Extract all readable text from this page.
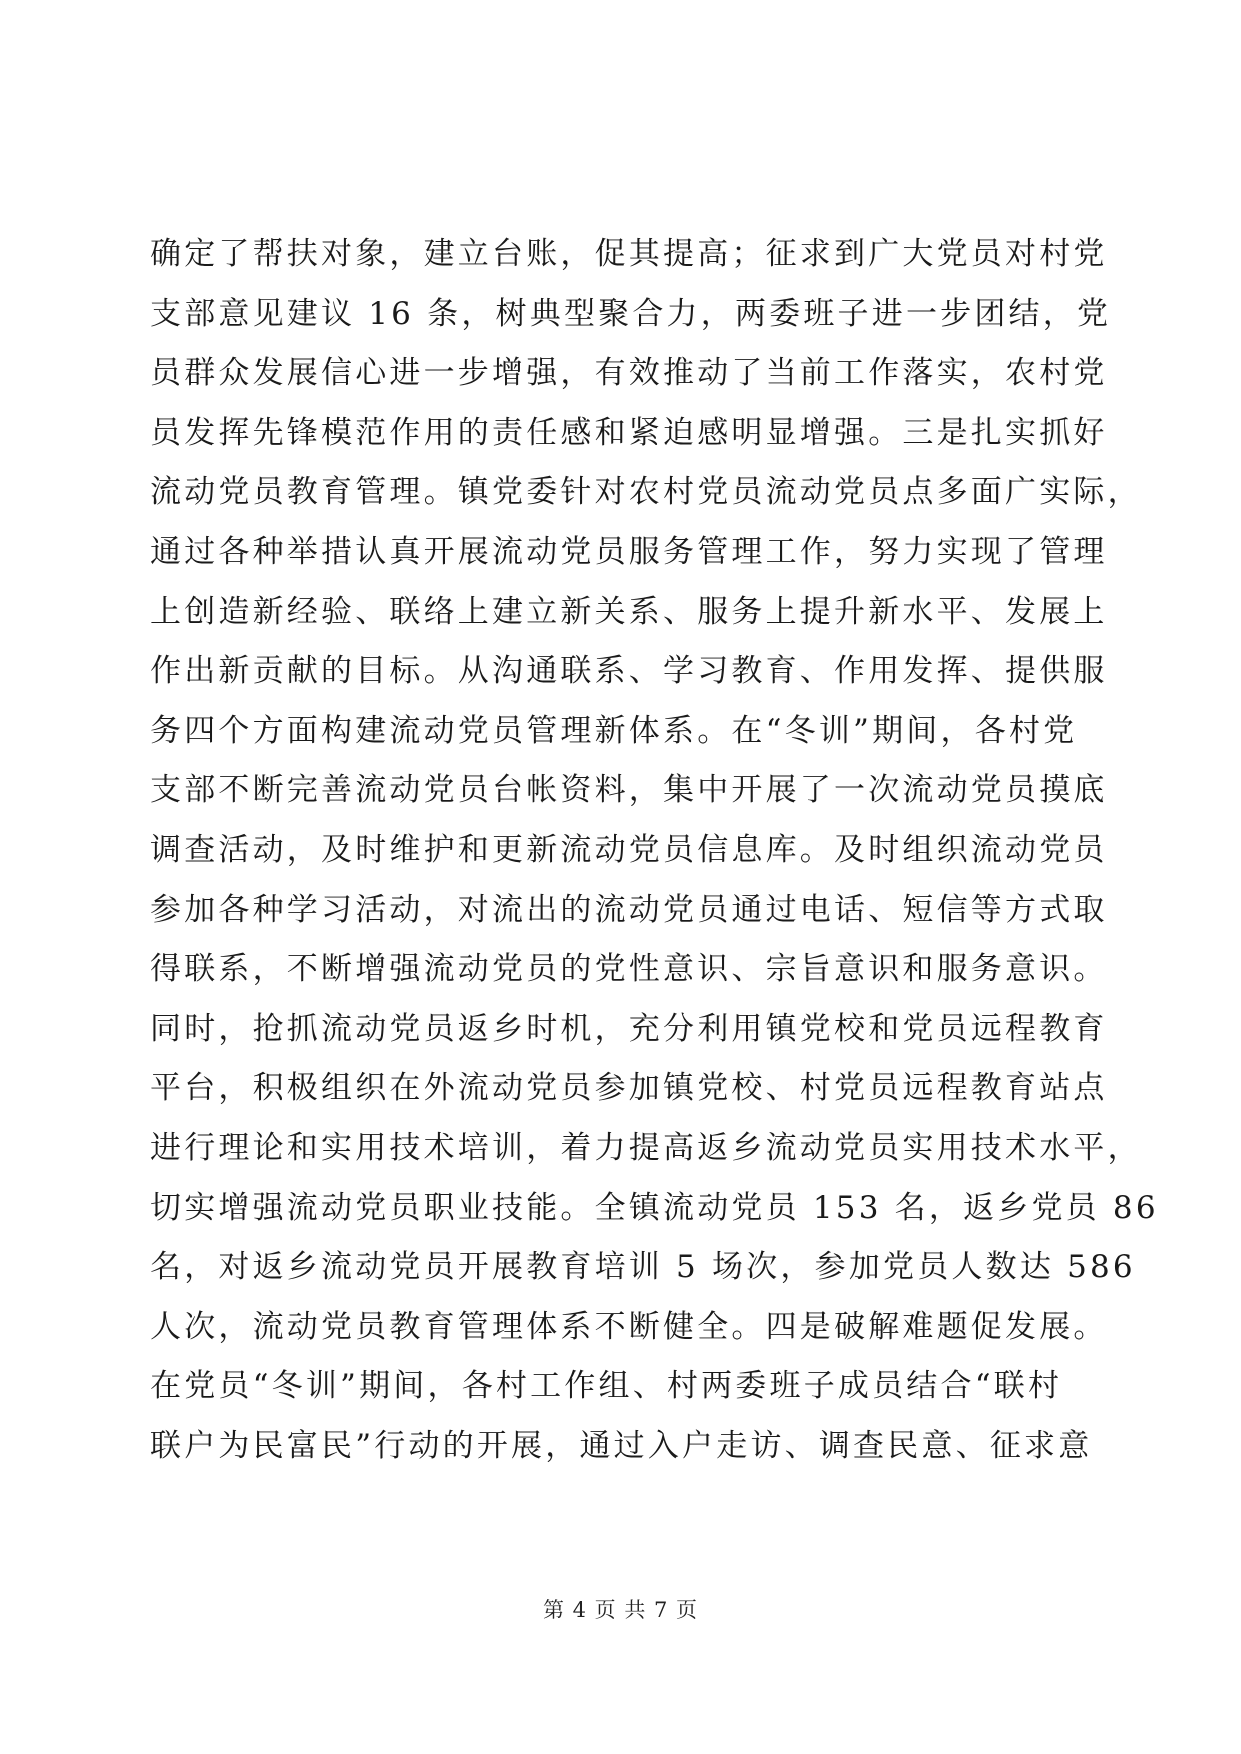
确定了帮扶对象，建立台账，促其提高；征求到广大党员对村党
支部意见建议 16 条，树典型聚合力，两委班子进一步团结，党
员群众发展信心进一步增强，有效推动了当前工作落实，农村党
员发挥先锋模范作用的责任感和紧迫感明显增强。三是扎实抓好
流动党员教育管理。镇党委针对农村党员流动党员点多面广实际，
通过各种举措认真开展流动党员服务管理工作，努力实现了管理
上创造新经验、联络上建立新关系、服务上提升新水平、发展上
作出新贡献的目标。从沟通联系、学习教育、作用发挥、提供服
务四个方面构建流动党员管理新体系。在“冬训”期间，各村党
支部不断完善流动党员台帐资料，集中开展了一次流动党员摸底
调查活动，及时维护和更新流动党员信息库。及时组织流动党员
参加各种学习活动，对流出的流动党员通过电话、短信等方式取
得联系，不断增强流动党员的党性意识、宗旨意识和服务意识。
同时，抢抓流动党员返乡时机，充分利用镇党校和党员远程教育
平台，积极组织在外流动党员参加镇党校、村党员远程教育站点
进行理论和实用技术培训，着力提高返乡流动党员实用技术水平，
切实增强流动党员职业技能。全镇流动党员 153 名，返乡党员 86
名，对返乡流动党员开展教育培训 5 场次，参加党员人数达 586
人次，流动党员教育管理体系不断健全。四是破解难题促发展。
在党员“冬训”期间，各村工作组、村两委班子成员结合“联村
联户为民富民”行动的开展，通过入户走访、调查民意、征求意
第 4 页 共 7 页
